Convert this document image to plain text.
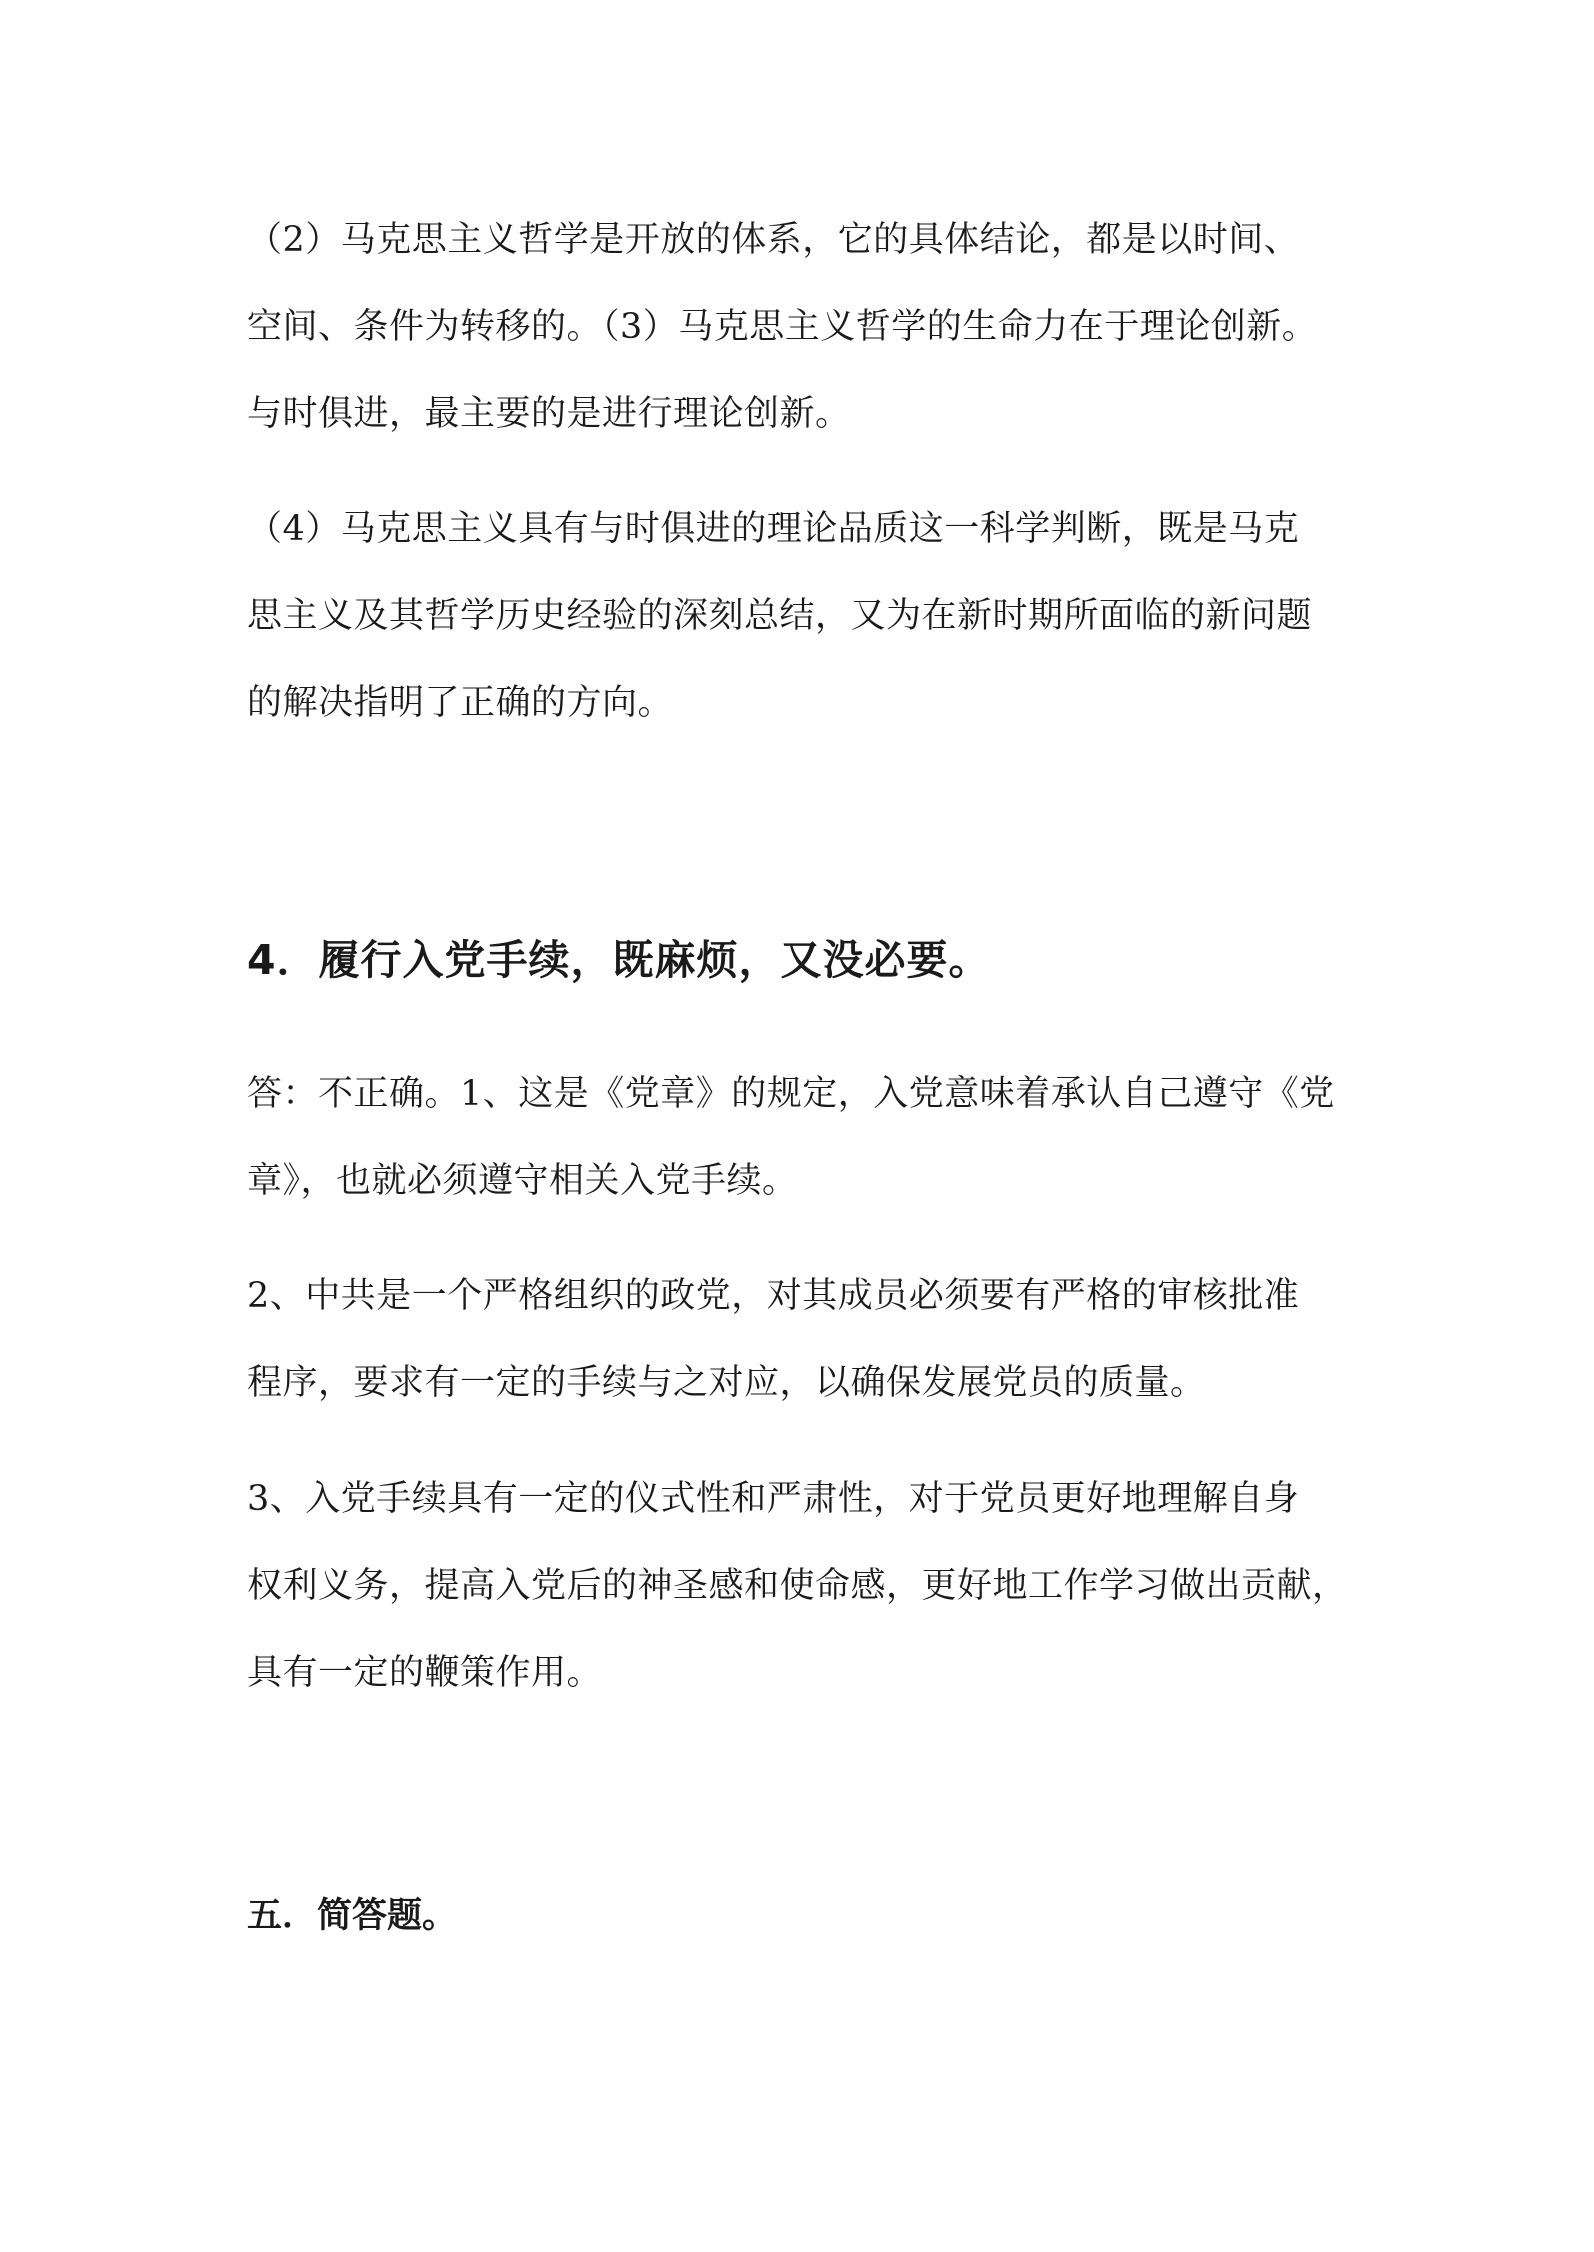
（2）马克思主义哲学是开放的体系，它的具体结论，都是以时间、
空间、条件为转移的。（3）马克思主义哲学的生命力在于理论创新。
与时俱进，最主要的是进行理论创新。
（4）马克思主义具有与时俱进的理论品质这一科学判断，既是马克
思主义及其哲学历史经验的深刻总结，又为在新时期所面临的新问题
的解决指明了正确的方向。
4．履行入党手续，既麻烦，又没必要。
答：不正确。1、这是《党章》的规定，入党意味着承认自己遵守《党
章》，也就必须遵守相关入党手续。
2、中共是一个严格组织的政党，对其成员必须要有严格的审核批准
程序，要求有一定的手续与之对应，以确保发展党员的质量。
3、入党手续具有一定的仪式性和严肃性，对于党员更好地理解自身
权利义务，提高入党后的神圣感和使命感，更好地工作学习做出贡献，
具有一定的鞭策作用。
五．简答题。
